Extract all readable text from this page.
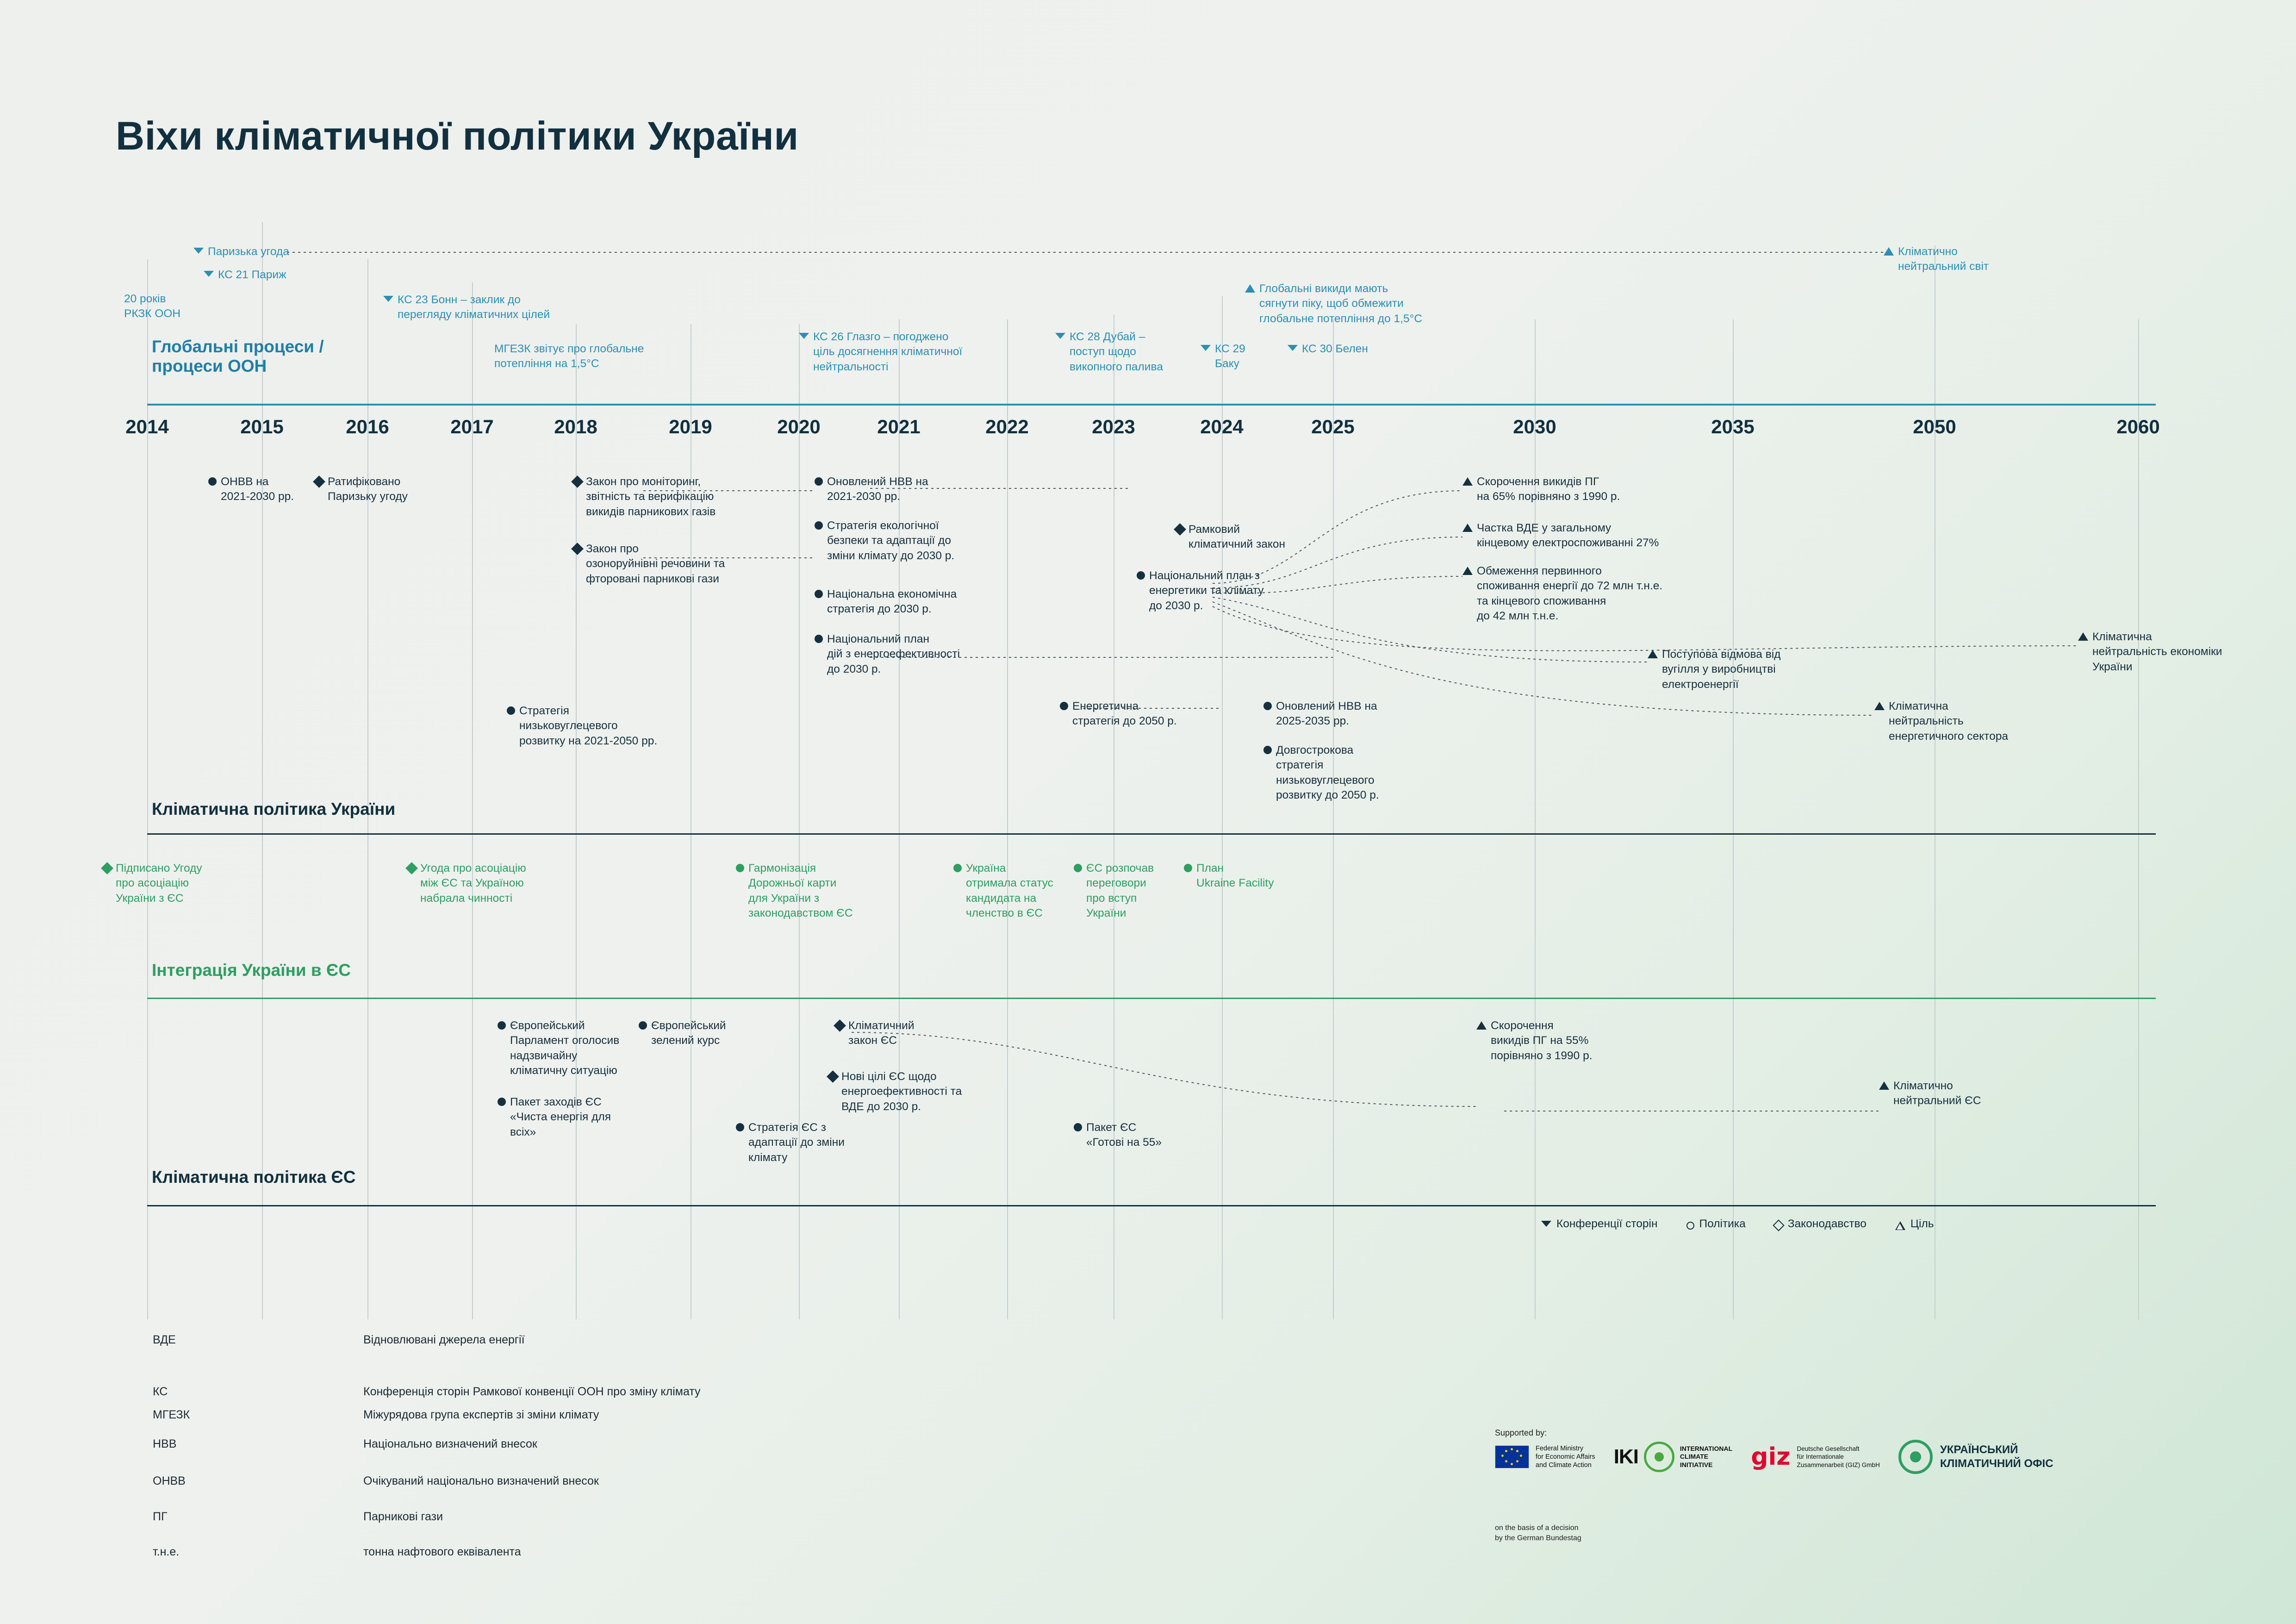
Віхи кліматичної політики України
2014	2015	2016	2017	2018	2019	2020	2021	2022	2023	2024	2025	2030	2035	2050	2060
Глобальні процеси /
процеси ООН
20 років
РКЗК ООН
Паризька угода
КС 21 Париж
КС 23 Бонн – заклик до
перегляду кліматичних цілей
МГЕЗК звітує про глобальне
потепління на 1,5°C
КС 26 Глазго – погоджено
ціль досягнення кліматичної
нейтральності
КС 28 Дубай –
поступ щодо
викопного палива
Глобальні викиди мають
сягнути піку, щоб обмежити
глобальне потепління до 1,5°C
КС 29
Баку
КС 30 Белен
Кліматично
нейтральний світ
Кліматична політика України
ОНВВ на
2021-2030 рр.
Ратифіковано
Паризьку угоду
Закон про моніторинг,
звітність та верифікацію
викидів парникових газів
Закон про
озоноруйнівні речовини та
фторовані парникові гази
Стратегія
низьковуглецевого
розвитку на 2021-2050 рр.
Оновлений НВВ на
2021-2030 рр.
Стратегія екологічної
безпеки та адаптації до
зміни клімату до 2030 р.
Національна економічна
стратегія до 2030 р.
Національний план
дій з енергоефективності
до 2030 р.
Енергетична
стратегія до 2050 р.
Рамковий
кліматичний закон
Національний план з
енергетики та клімату
до 2030 р.
Оновлений НВВ на
2025-2035 рр.
Довгострокова
стратегія
низьковуглецевого
розвитку до 2050 р.
Скорочення викидів ПГ
на 65% порівняно з 1990 р.
Частка ВДЕ у загальному
кінцевому електроспоживанні 27%
Обмеження первинного
споживання енергії до 72 млн т.н.е.
та кінцевого споживання
до 42 млн т.н.е.
Поступова відмова від
вугілля у виробництві
електроенергії
Кліматична
нейтральність
енергетичного сектора
Кліматична
нейтральність економіки
України
Інтеграція України в ЄС
Підписано Угоду
про асоціацію
України з ЄС
Угода про асоціацію
між ЄС та Україною
набрала чинності
Гармонізація
Дорожньої карти
для України з
законодавством ЄС
Україна
отримала статус
кандидата на
членство в ЄС
ЄС розпочав
переговори
про вступ
України
План
Ukraine Facility
Кліматична політика ЄС
Європейський
Парламент оголосив
надзвичайну
кліматичну ситуацію
Європейський
зелений курс
Пакет заходів ЄС
«Чиста енергія для
всіх»	Стратегія ЄС з
адаптації до зміни
клімату
Кліматичний
закон ЄС
Нові цілі ЄС щодо
енергоефективності та
ВДЕ до 2030 р.
Пакет ЄС
«Готові на 55»
Скорочення
викидів ПГ на 55%
порівняно з 1990 р.
Кліматично
нейтральний ЄС
Конференції сторін	Політика	Законодавство	Ціль
ВДЕ	Відновлювані джерела енергії
КС	Конференція сторін Рамкової конвенції ООН про зміну клімату
МГЕЗК	Міжурядова група експертів зі зміни клімату
НВВ	Національно визначений внесок
ОНВВ	Очікуваний національно визначений внесок
ПГ	Парникові гази
т.н.е.	тонна нафтового еквівалента
Supported by:
Federal Ministry
for Economic Affairs
and Climate Action IKI	INTERNATIONAL
CLIMATE
INITIATIVE	giz Deutsche Gesellschaft
für Internationale
Zusammenarbeit (GIZ) GmbH
УКРАЇНСЬКИЙ
КЛІМАТИЧНИЙ ОФІС
on the basis of a decision
by the German Bundestag
